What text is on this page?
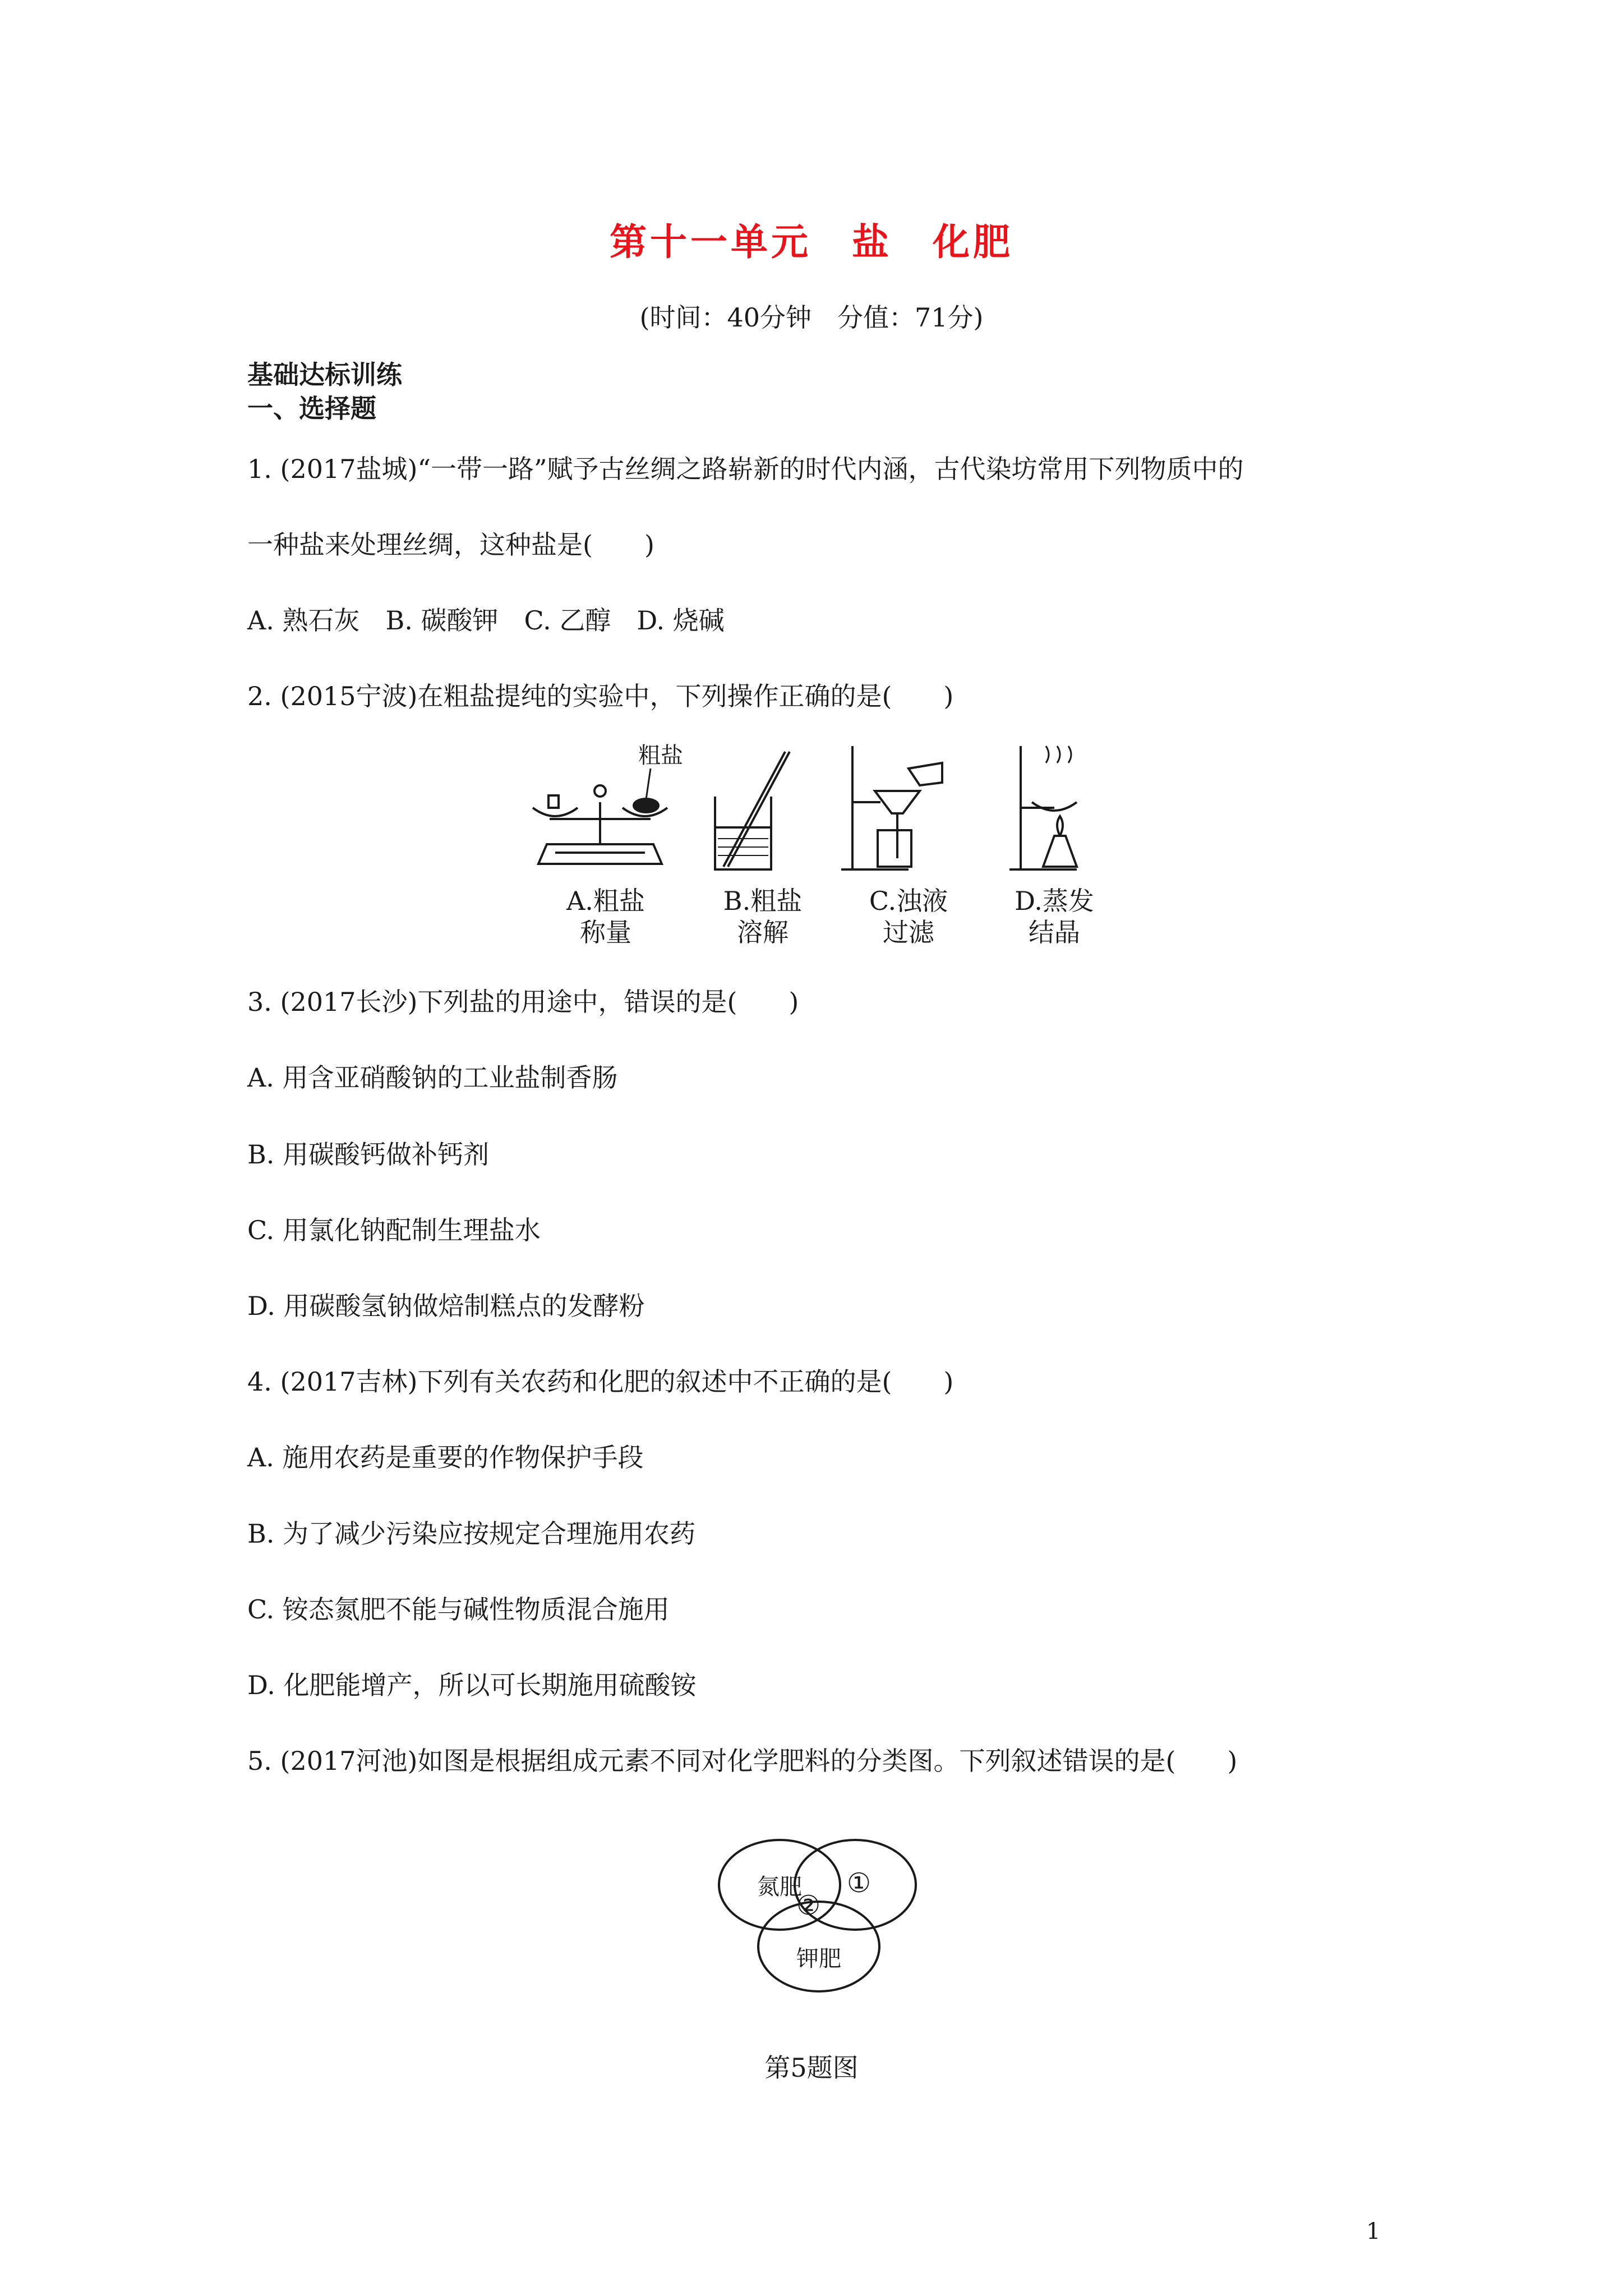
第十一单元　盐　化肥
(时间：40分钟　分值：71分)
基础达标训练
一、选择题
1. (2017盐城)“一带一路”赋予古丝绸之路崭新的时代内涵，古代染坊常用下列物质中的
一种盐来处理丝绸，这种盐是(　　)
A. 熟石灰　B. 碳酸钾　C. 乙醇　D. 烧碱
2. (2015宁波)在粗盐提纯的实验中，下列操作正确的是(　　)
粗盐
A.粗盐
称量
B.粗盐
溶解
C.浊液
过滤
D.蒸发
结晶
3. (2017长沙)下列盐的用途中，错误的是(　　)
A. 用含亚硝酸钠的工业盐制香肠
B. 用碳酸钙做补钙剂
C. 用氯化钠配制生理盐水
D. 用碳酸氢钠做焙制糕点的发酵粉
4. (2017吉林)下列有关农药和化肥的叙述中不正确的是(　　)
A. 施用农药是重要的作物保护手段
B. 为了减少污染应按规定合理施用农药
C. 铵态氮肥不能与碱性物质混合施用
D. 化肥能增产，所以可长期施用硫酸铵
5. (2017河池)如图是根据组成元素不同对化学肥料的分类图。下列叙述错误的是(　　)
氮肥 ①
②
钾肥
第5题图
1
